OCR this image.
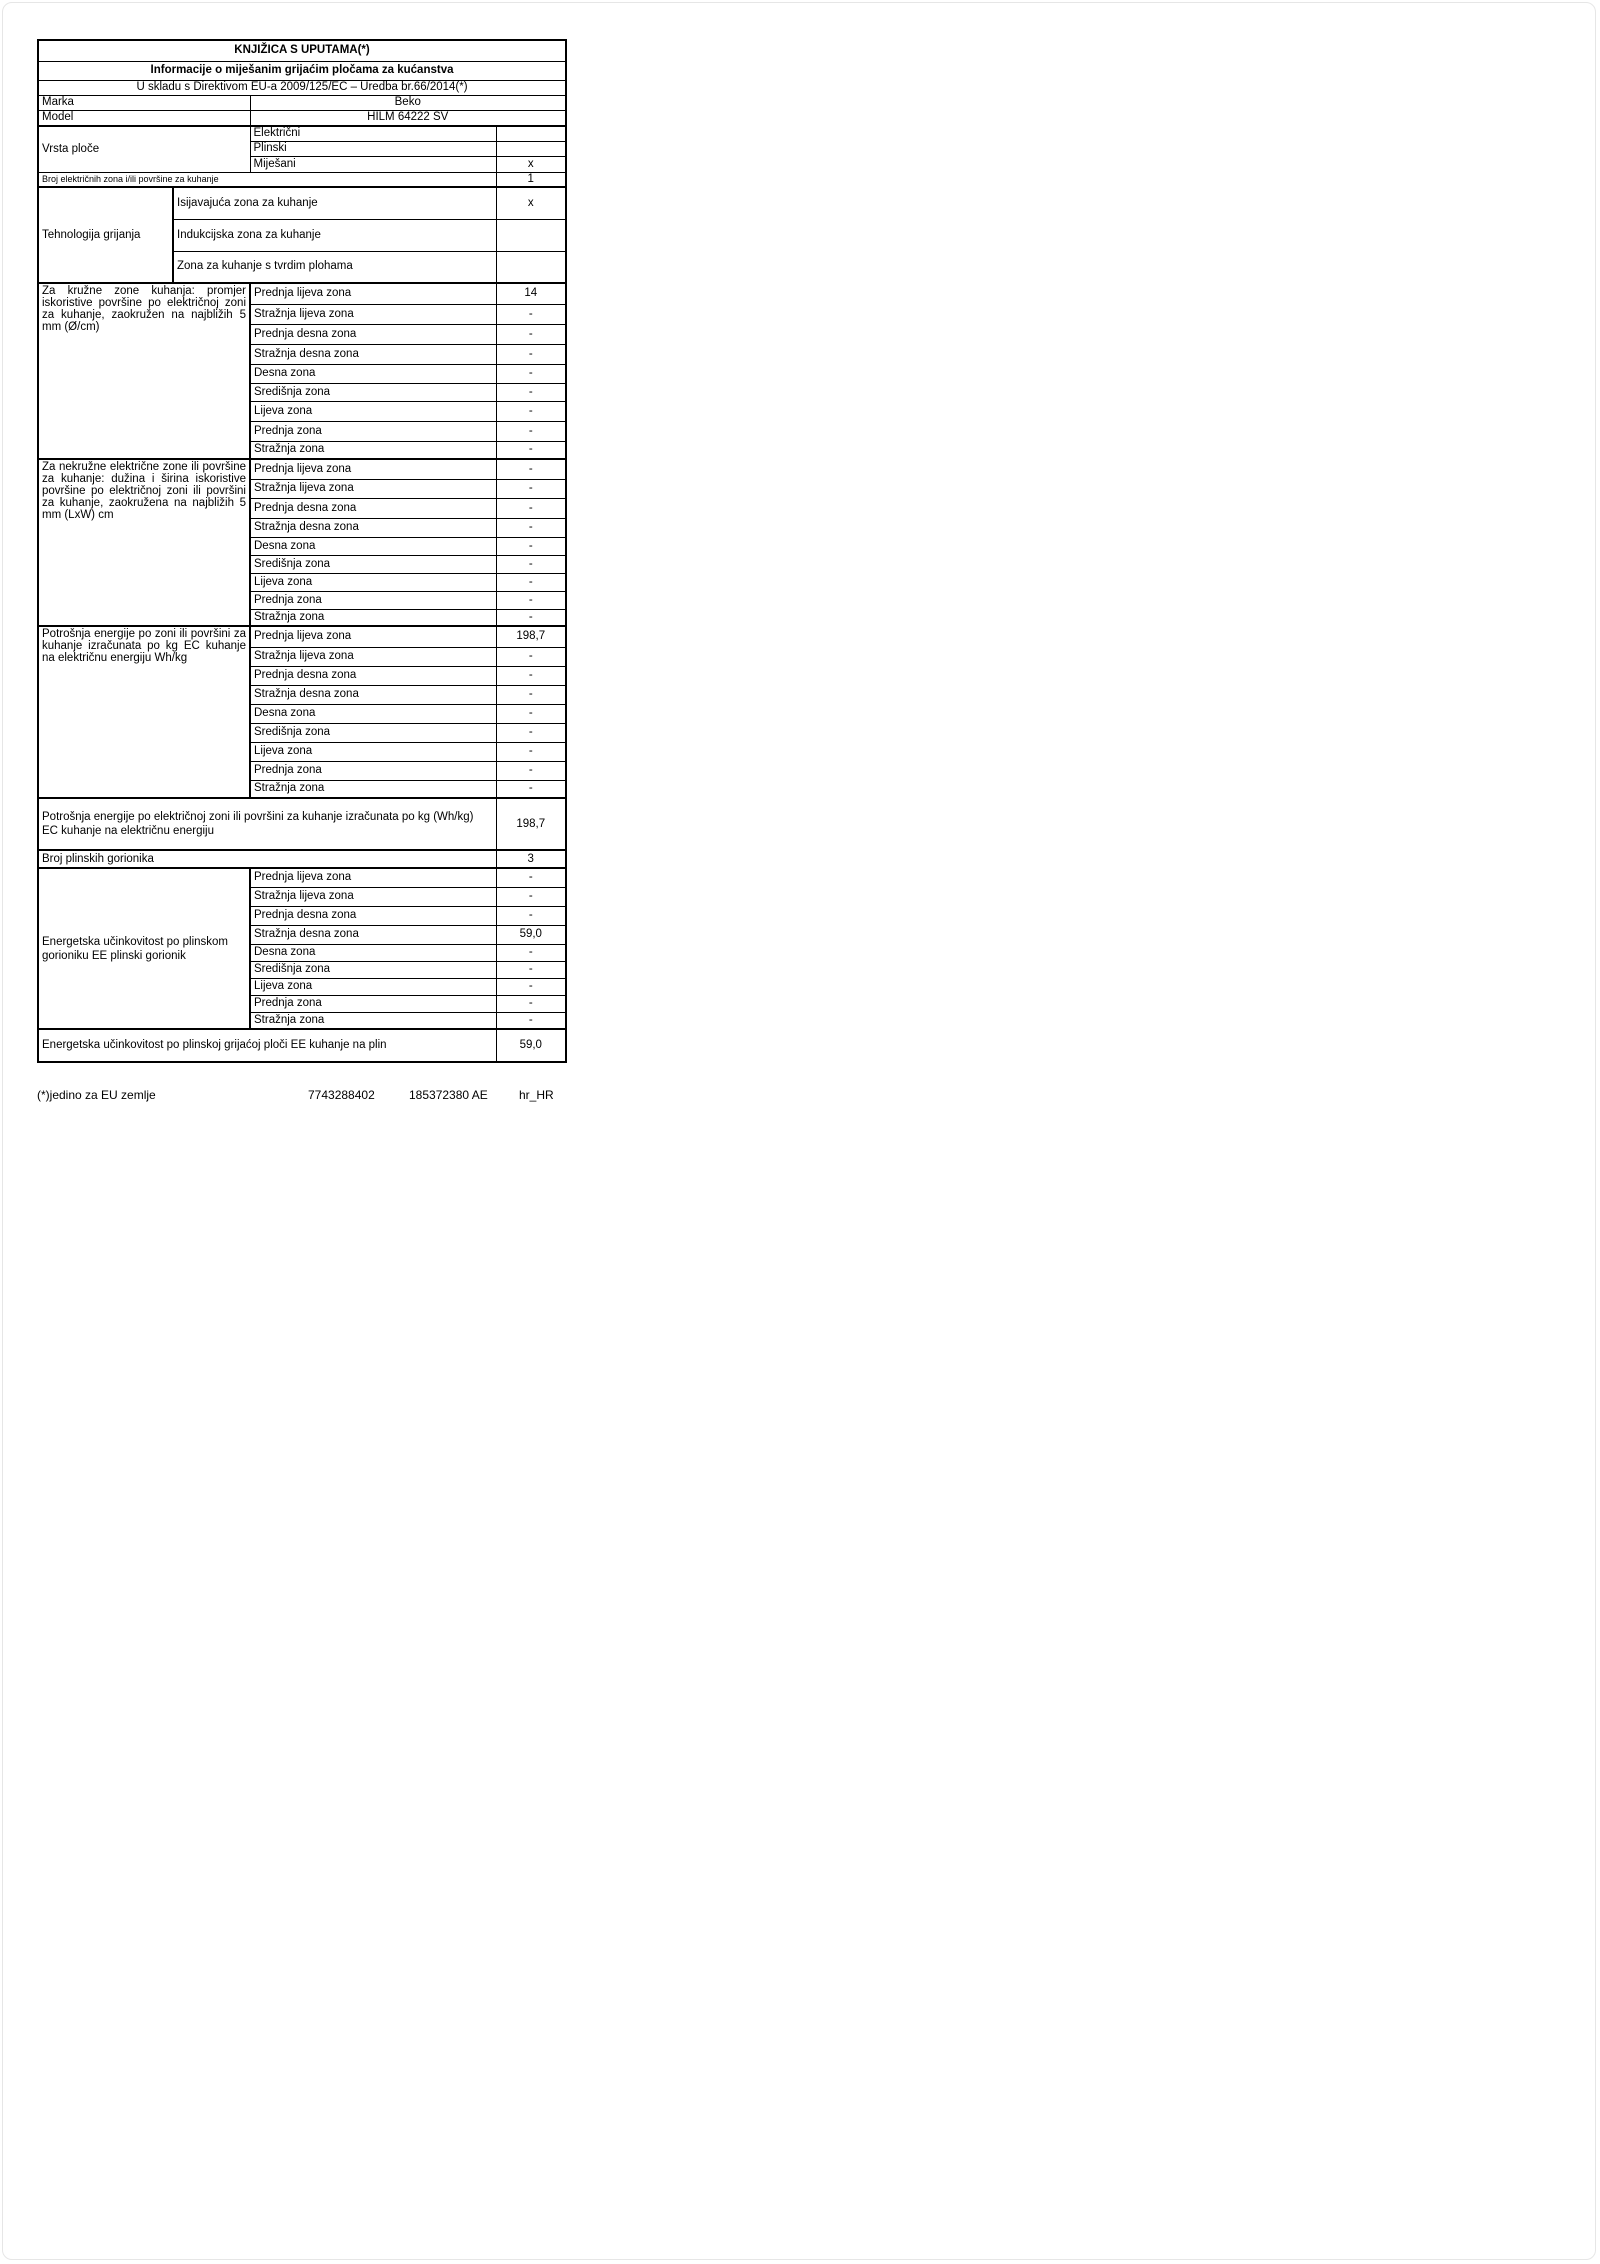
KNJIŽICA S UPUTAMA(*)			
Informacije o miješanim grijaćim pločama za kućanstva			
U skladu s Direktivom EU-a 2009/125/EC – Uredba br.66/2014(*)			
Marka		Beko	
Model		HILM 64222 SV	
Vrsta ploče		Električni	
		Plinski	
		Miješani	x
Broj električnih zona i/ili površine za kuhanje			1
Tehnologija grijanja	Isijavajuća zona za kuhanje		x
	Indukcijska zona za kuhanje		
	Zona za kuhanje s tvrdim plohama		
Za kružne zone kuhanja: promjer iskoristive površine po električnoj zoni za kuhanje, zaokružen na najbližih 5 mm (Ø/cm)		Prednja lijeva zona	14
		Stražnja lijeva zona	-
		Prednja desna zona	-
		Stražnja desna zona	-
		Desna zona	-
		Središnja zona	-
		Lijeva zona	-
		Prednja zona	-
		Stražnja zona	-
Za nekružne električne zone ili površine za kuhanje: dužina i širina iskoristive površine po električnoj zoni ili površini za kuhanje, zaokružena na najbližih 5 mm (LxW) cm		Prednja lijeva zona	-
		Stražnja lijeva zona	-
		Prednja desna zona	-
		Stražnja desna zona	-
		Desna zona	-
		Središnja zona	-
		Lijeva zona	-
		Prednja zona	-
		Stražnja zona	-
Potrošnja energije po zoni ili površini za kuhanje izračunata po kg EC kuhanje na električnu energiju Wh/kg		Prednja lijeva zona	198,7
		Stražnja lijeva zona	-
		Prednja desna zona	-
		Stražnja desna zona	-
		Desna zona	-
		Središnja zona	-
		Lijeva zona	-
		Prednja zona	-
		Stražnja zona	-
Potrošnja energije po električnoj zoni ili površini za kuhanje izračunata po kg (Wh/kg) EC kuhanje na električnu energiju			198,7
Broj plinskih gorionika			3
Energetska učinkovitost po plinskom gorioniku EE plinski gorionik		Prednja lijeva zona	-
		Stražnja lijeva zona	-
		Prednja desna zona	-
		Stražnja desna zona	59,0
		Desna zona	-
		Središnja zona	-
		Lijeva zona	-
		Prednja zona	-
		Stražnja zona	-
Energetska učinkovitost po plinskoj grijaćoj ploči EE kuhanje na plin			59,0
(*)jedino za EU zemlje	7743288402	185372380 AE	hr_HR
